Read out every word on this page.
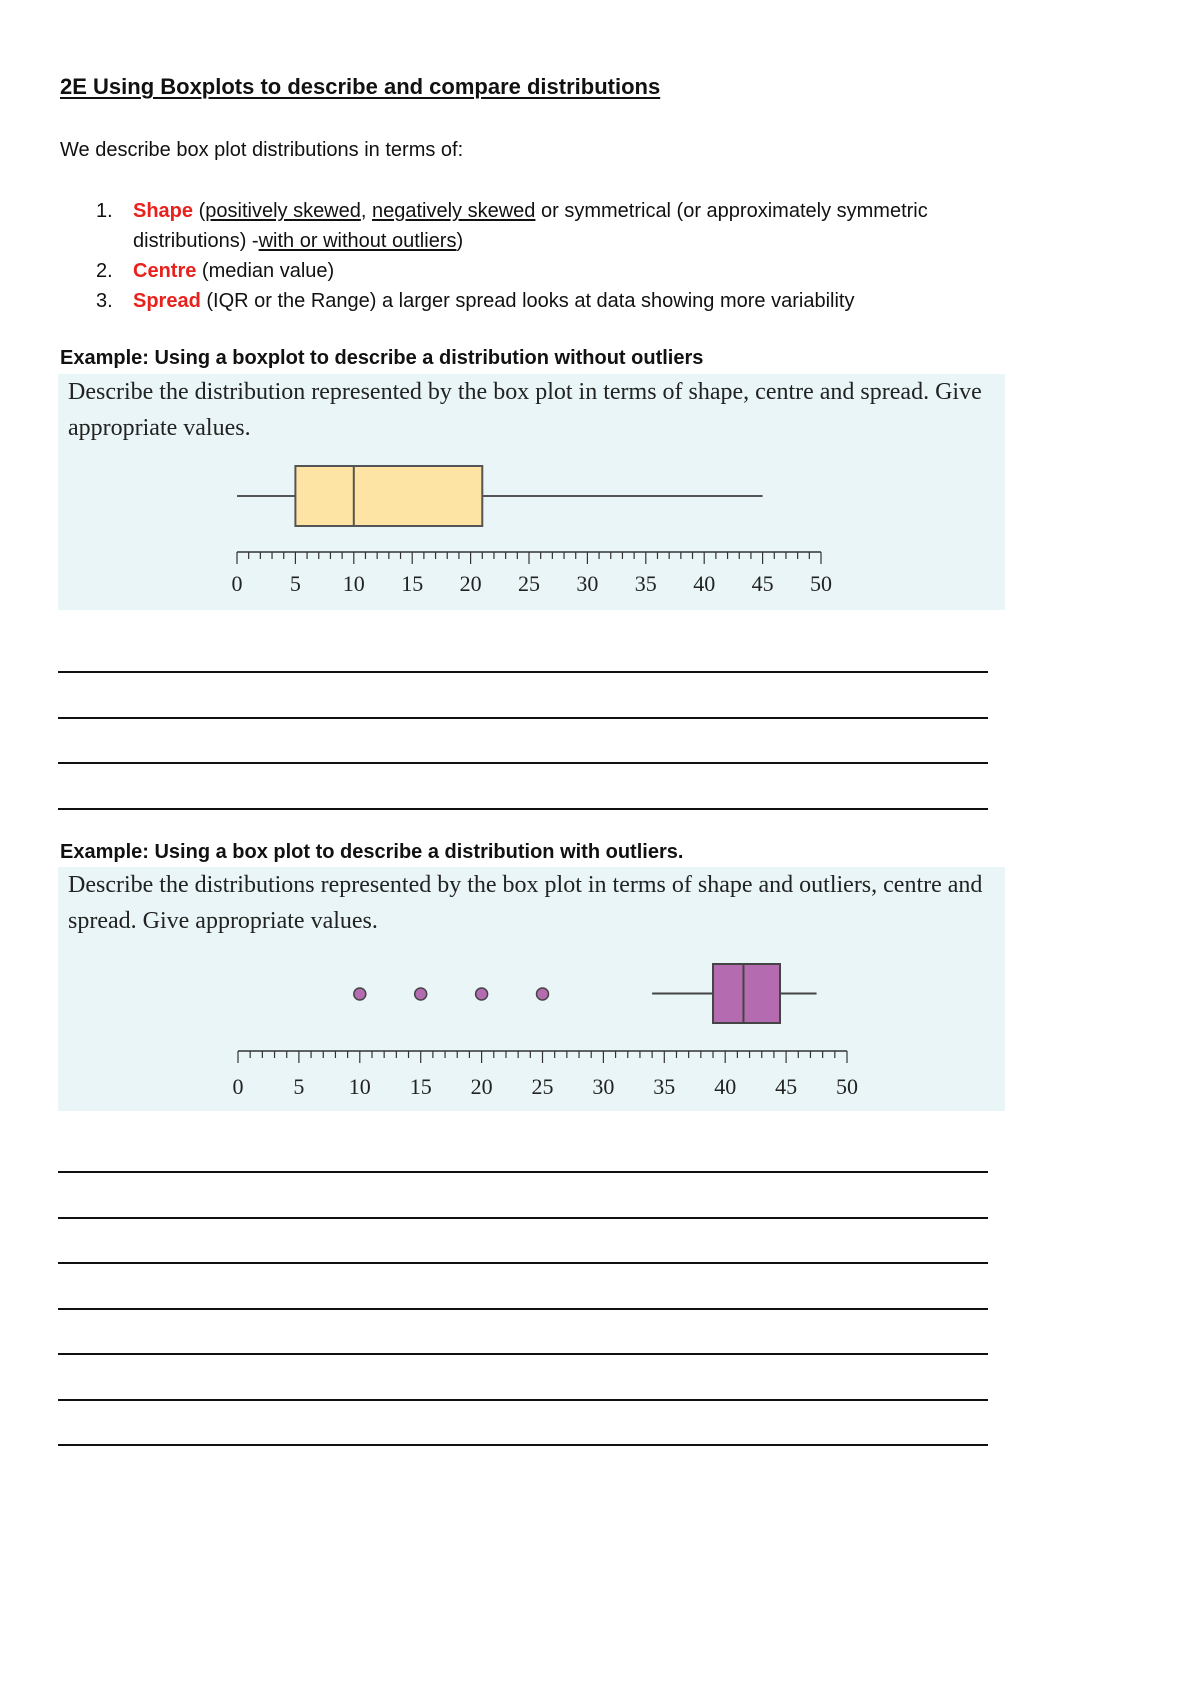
2E Using Boxplots to describe and compare distributions
We describe box plot distributions in terms of:
1. Shape (positively skewed, negatively skewed or symmetrical (or approximately symmetric distributions) -with or without outliers)
2. Centre (median value)
3. Spread (IQR or the Range) a larger spread looks at data showing more variability
Example: Using a boxplot to describe a distribution without outliers
Describe the distribution represented by the box plot in terms of shape, centre and spread. Give appropriate values.
0 5 10 15 20 25 30 35 40 45 50
Example: Using a box plot to describe a distribution with outliers.
Describe the distributions represented by the box plot in terms of shape and outliers, centre and spread. Give appropriate values.
0 5 10 15 20 25 30 35 40 45 50
